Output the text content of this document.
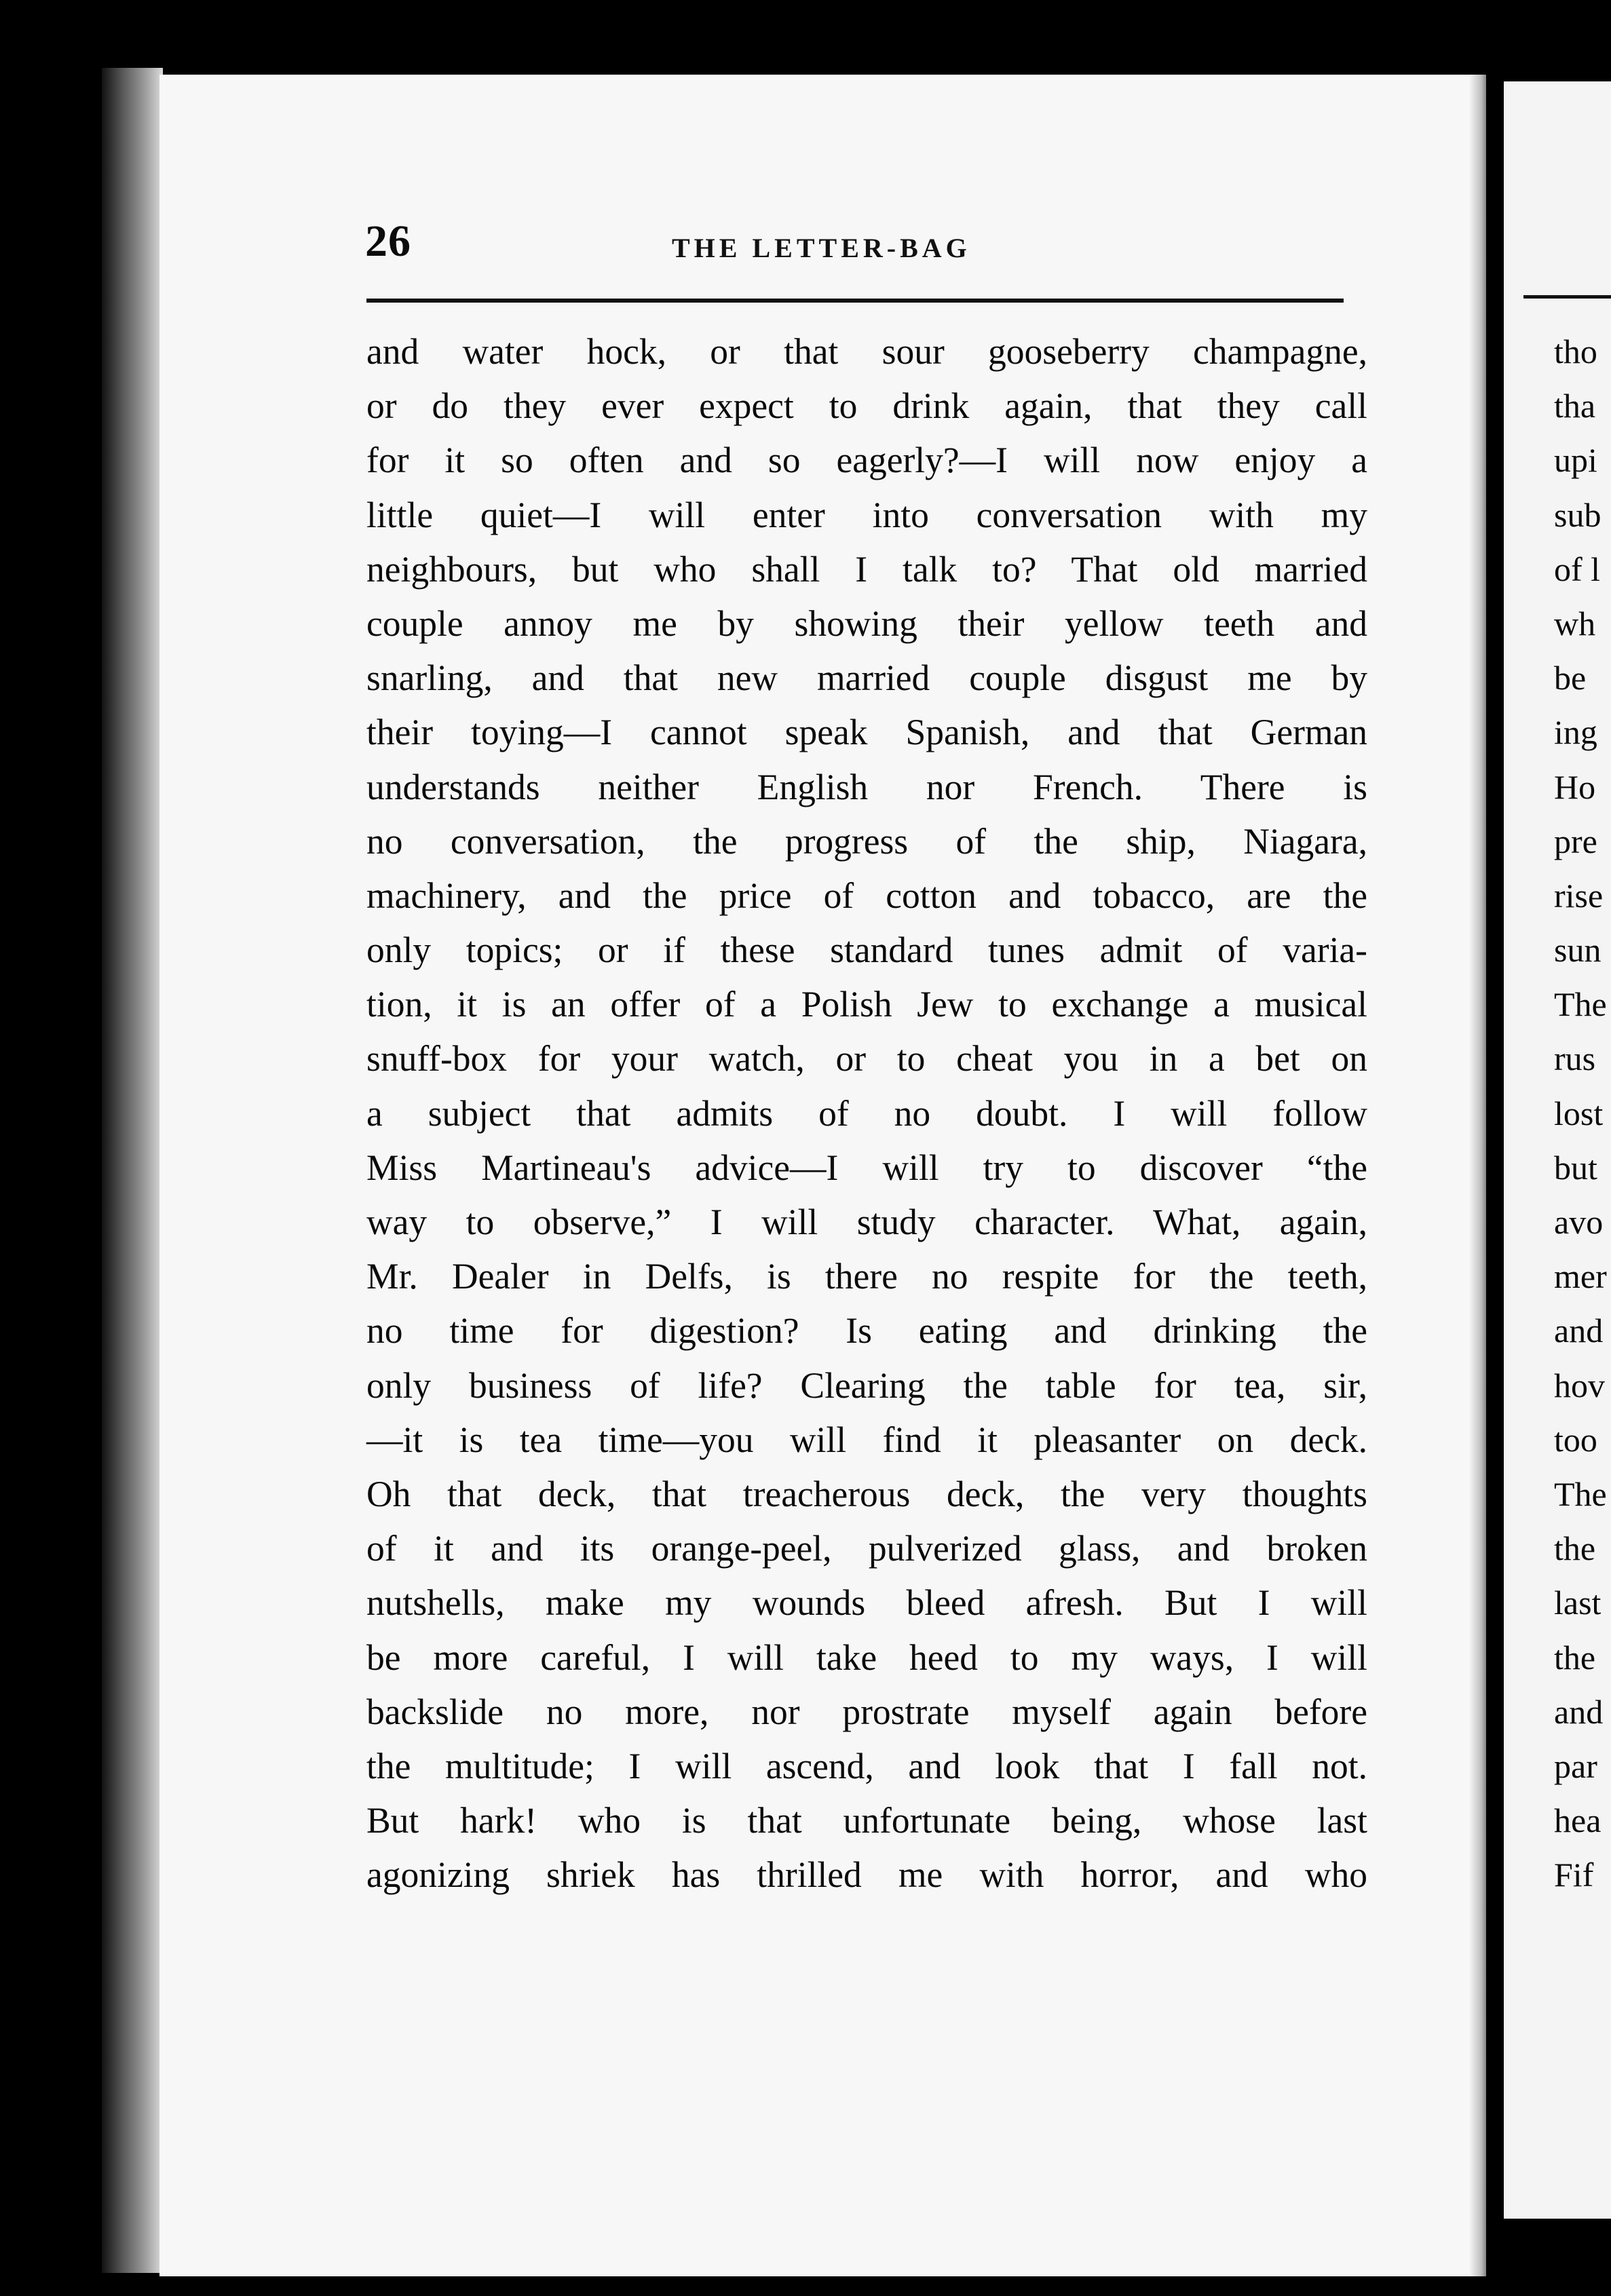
26	THE LETTER-BAG
and water hock, or that sour gooseberry champagne,
or do they ever expect to drink again, that they call
for it so often and so eagerly?—I will now enjoy a
little quiet—I will enter into conversation with my
neighbours, but who shall I talk to? That old married
couple annoy me by showing their yellow teeth and
snarling, and that new married couple disgust me by
their toying—I cannot speak Spanish, and that German
understands neither English nor French. There is
no conversation, the progress of the ship, Niagara,
machinery, and the price of cotton and tobacco, are the
only topics; or if these standard tunes admit of varia-
tion, it is an offer of a Polish Jew to exchange a musical
snuff-box for your watch, or to cheat you in a bet on
a subject that admits of no doubt. I will follow
Miss Martineau's advice—I will try to discover “the
way to observe,” I will study character. What, again,
Mr. Dealer in Delfs, is there no respite for the teeth,
no time for digestion? Is eating and drinking the
only business of life? Clearing the table for tea, sir,
—it is tea time—you will find it pleasanter on deck.
Oh that deck, that treacherous deck, the very thoughts
of it and its orange-peel, pulverized glass, and broken
nutshells, make my wounds bleed afresh. But I will
be more careful, I will take heed to my ways, I will
backslide no more, nor prostrate myself again before
the multitude; I will ascend, and look that I fall not.
But hark! who is that unfortunate being, whose last
agonizing shriek has thrilled me with horror, and who
tho
tha
upi
sub
of l
wh
be
ing
Ho
pre
rise
sun
The
rus
lost
but
avo
mer
and
hov
too
The
the
last
the
and
par
hea
Fif
